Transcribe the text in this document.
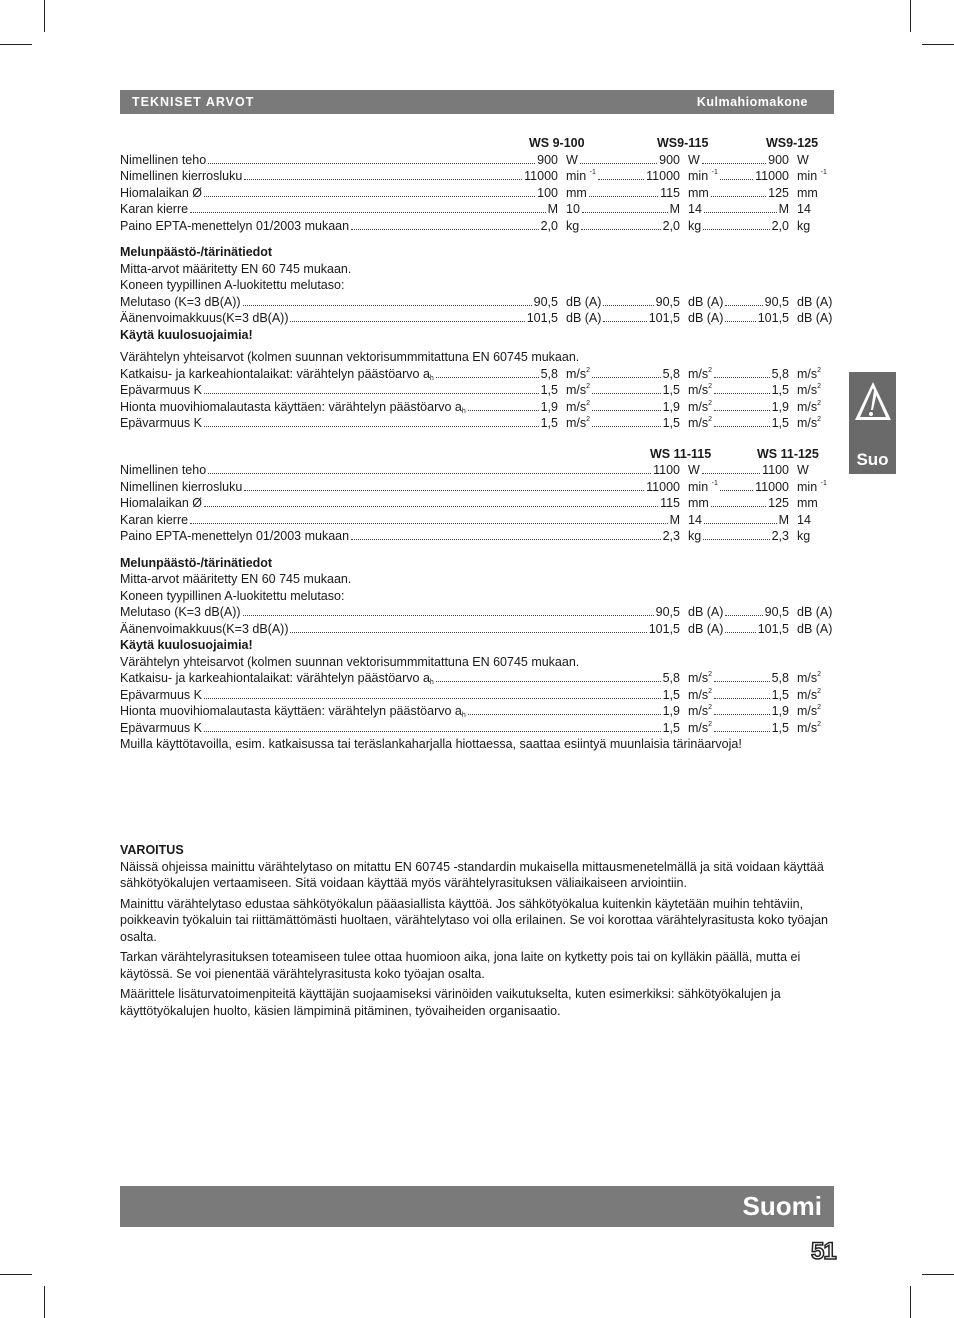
TEKNISET ARVOT	Kulmahiomakone
WS 9-100	WS9-115	WS9-125
Nimellinen teho	900 W	900 W	900 W
Nimellinen kierrosluku	11000 min $^{-1}$	11000 min $^{-1}$	11000 min $^{-1}$
Hiomalaikan Ø	100 mm	115 mm	125 mm
Karan kierre	M 10	M 14	M 14
Paino EPTA-menettelyn 01/2003 mukaan	2,0 kg	2,0 kg	2,0 kg
Melunpäästö-/tärinätiedot
Mitta-arvot määritetty EN 60 745 mukaan.
Koneen tyypillinen A-luokitettu melutaso:
Melutaso (K=3 dB(A))	90,5 dB (A)	90,5 dB (A)	90,5 dB (A)
Äänenvoimakkuus(K=3 dB(A))	101,5 dB (A)	101,5 dB (A)	101,5 dB (A)
Käytä kuulosuojaimia!
Värähtelyn yhteisarvot (kolmen suunnan vektorisummmitattuna EN 60745 mukaan.
Katkaisu- ja karkeahiontalaikat: värähtelyn päästöarvo $a_h$	5,8 $m/s^2$	5,8 $m/s^2$	5,8 $m/s^2$
Epävarmuus K	1,5 $m/s^2$	1,5 $m/s^2$	1,5 $m/s^2$
Hionta muovihiomalautasta käyttäen: värähtelyn päästöarvo $a_h$	1,9 $m/s^2$	1,9 $m/s^2$	1,9 $m/s^2$
Epävarmuus K	1,5 $m/s^2$	1,5 $m/s^2$	1,5 $m/s^2$
WS 11-115	WS 11-125
Nimellinen teho	1100 W	1100 W
Nimellinen kierrosluku	11000 min $^{-1}$	11000 min $^{-1}$
Hiomalaikan Ø	115 mm	125 mm
Karan kierre	M 14	M 14
Paino EPTA-menettelyn 01/2003 mukaan	2,3 kg	2,3 kg
Melunpäästö-/tärinätiedot
Mitta-arvot määritetty EN 60 745 mukaan.
Koneen tyypillinen A-luokitettu melutaso:
Melutaso (K=3 dB(A))	90,5 dB (A)	90,5 dB (A)
Äänenvoimakkuus(K=3 dB(A))	101,5 dB (A)	101,5 dB (A)
Käytä kuulosuojaimia!
Värähtelyn yhteisarvot (kolmen suunnan vektorisummmitattuna EN 60745 mukaan.
Katkaisu- ja karkeahiontalaikat: värähtelyn päästöarvo $a_h$	5,8 $m/s^2$	5,8 $m/s^2$
Epävarmuus K	1,5 $m/s^2$	1,5 $m/s^2$
Hionta muovihiomalautasta käyttäen: värähtelyn päästöarvo $a_h$	1,9 $m/s^2$	1,9 $m/s^2$
Epävarmuus K	1,5 $m/s^2$	1,5 $m/s^2$
Muilla käyttötavoilla, esim. katkaisussa tai teräslankaharjalla hiottaessa, saattaa esiintyä muunlaisia tärinäarvoja!
Suo
VAROITUS

Näissä ohjeissa mainittu värähtelytaso on mitattu EN 60745 -standardin mukaisella mittausmenetelmällä ja sitä voidaan käyttää sähkötyökalujen vertaamiseen. Sitä voidaan käyttää myös värähtelyrasituksen väliaikaiseen arviointiin.

Mainittu värähtelytaso edustaa sähkötyökalun pääasiallista käyttöä. Jos sähkötyökalua kuitenkin käytetään muihin tehtäviin, poikkeavin työkaluin tai riittämättömästi huoltaen, värähtelytaso voi olla erilainen. Se voi korottaa värähtelyrasitusta koko työajan osalta.

Tarkan värähtelyrasituksen toteamiseen tulee ottaa huomioon aika, jona laite on kytketty pois tai on kylläkin päällä, mutta ei käytössä. Se voi pienentää värähtelyrasitusta koko työajan osalta.

Määrittele lisäturvatoimenpiteitä käyttäjän suojaamiseksi värinöiden vaikutukselta, kuten esimerkiksi: sähkötyökalujen ja käyttötyökalujen huolto, käsien lämpiminä pitäminen, työvaiheiden organisaatio.

Suomi
51
